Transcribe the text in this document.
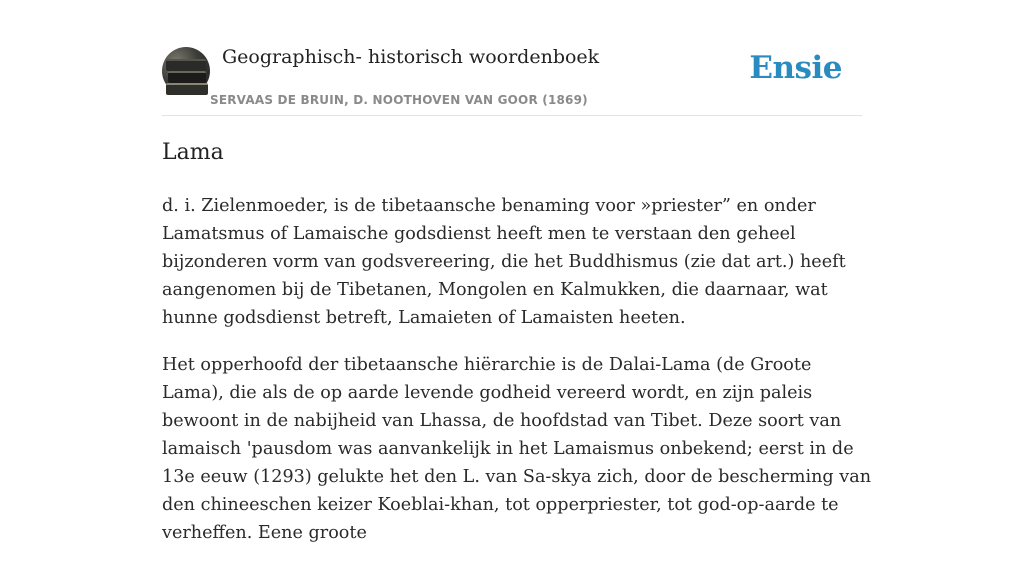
Geographisch- historisch woordenboek
SERVAAS DE BRUIN, D. NOOTHOVEN VAN GOOR (1869)
Ensie
Lama

d. i. Zielenmoeder, is de tibetaansche benaming voor »priester” en onder Lamatsmus of Lamaische godsdienst heeft men te verstaan den geheel bijzonderen vorm van godsvereering, die het Buddhismus (zie dat art.) heeft aangenomen bij de Tibetanen, Mongolen en Kalmukken, die daarnaar, wat hunne godsdienst betreft, Lamaieten of Lamaisten heeten.

Het opperhoofd der tibetaansche hiërarchie is de Dalai-Lama (de Groote Lama), die als de op aarde levende godheid vereerd wordt, en zijn paleis bewoont in de nabijheid van Lhassa, de hoofdstad van Tibet. Deze soort van lamaisch 'pausdom was aanvankelijk in het Lamaismus onbekend; eerst in de 13e eeuw (1293) gelukte het den L. van Sa-skya zich, door de bescherming van den chineeschen keizer Koeblai-khan, tot opperpriester, tot god-op-aarde te verheffen. Eene groote
